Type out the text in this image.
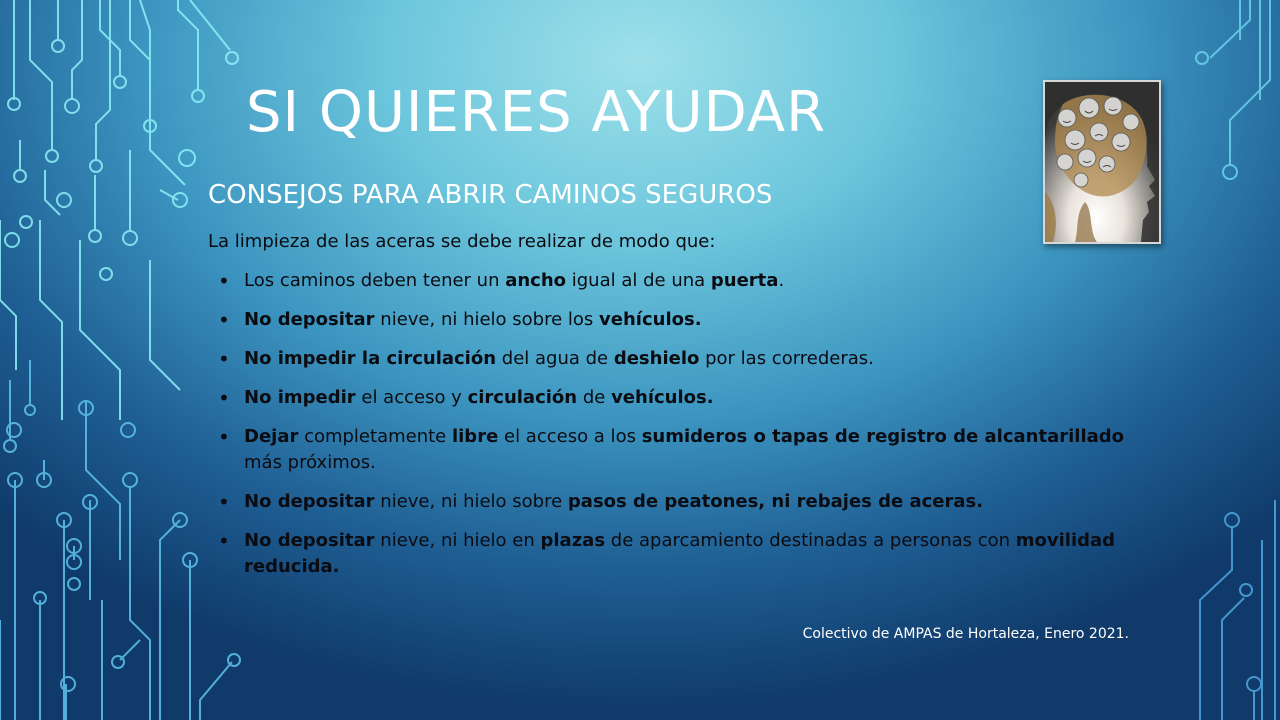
SI QUIERES AYUDAR
CONSEJOS PARA ABRIR CAMINOS SEGUROS

La limpieza de las aceras se debe realizar de modo que:

• Los caminos deben tener un ancho igual al de una puerta.
• No depositar nieve, ni hielo sobre los vehículos.
• No impedir la circulación del agua de deshielo por las correderas.
• No impedir el acceso y circulación de vehículos.
• Dejar completamente libre el acceso a los sumideros o tapas de registro de alcantarillado más próximos.
• No depositar nieve, ni hielo sobre pasos de peatones, ni rebajes de aceras.
• No depositar nieve, ni hielo en plazas de aparcamiento destinadas a personas con movilidad reducida.

Colectivo de AMPAS de Hortaleza, Enero 2021.
